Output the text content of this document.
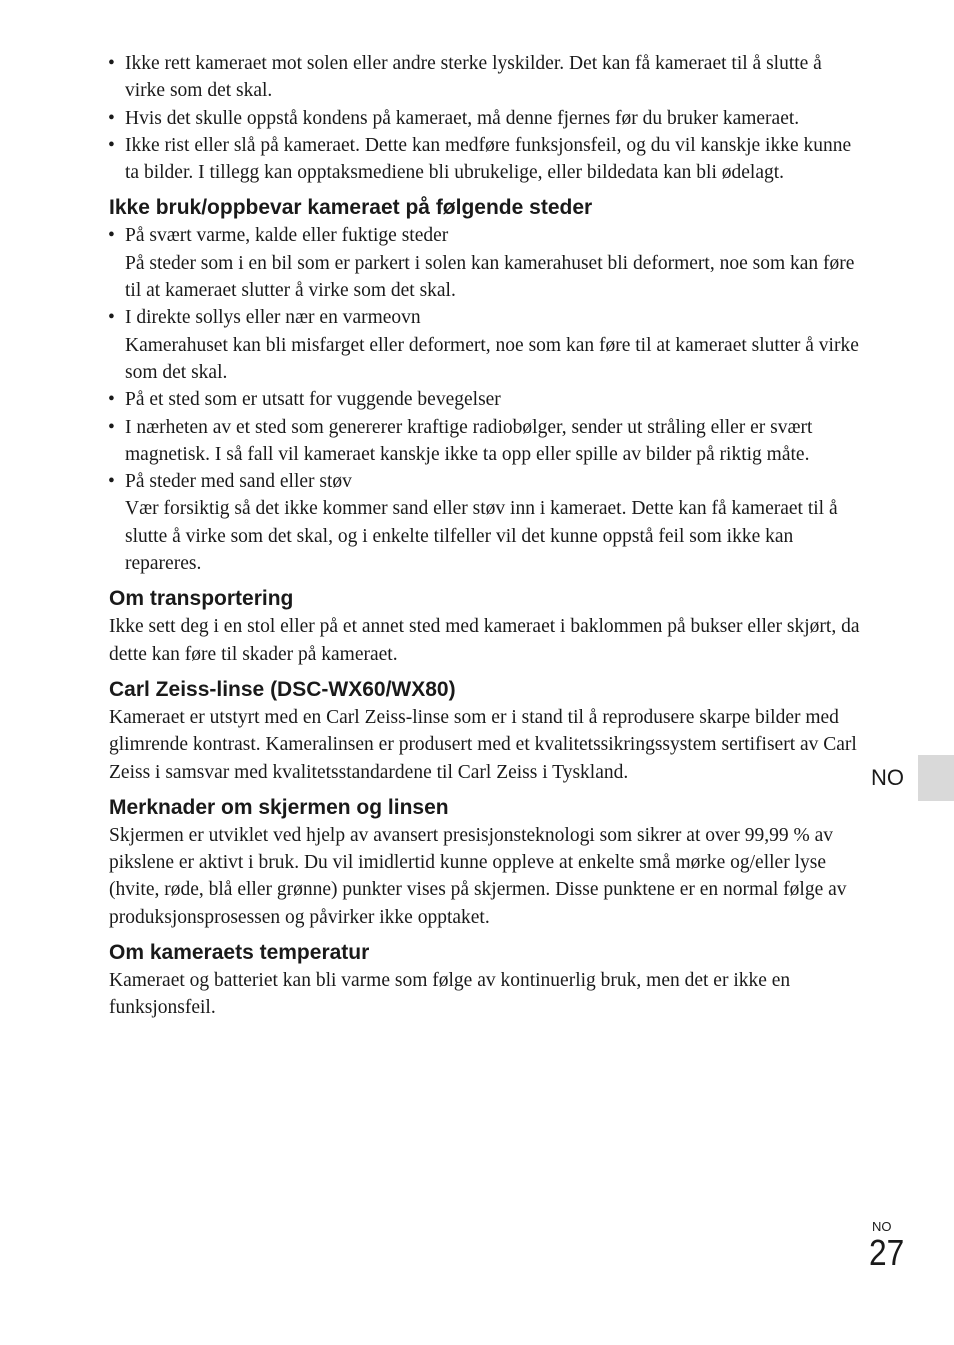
• Ikke rett kameraet mot solen eller andre sterke lyskilder. Det kan få kameraet til å slutte å virke som det skal.
• Hvis det skulle oppstå kondens på kameraet, må denne fjernes før du bruker kameraet.
• Ikke rist eller slå på kameraet. Dette kan medføre funksjonsfeil, og du vil kanskje ikke kunne ta bilder. I tillegg kan opptaksmediene bli ubrukelige, eller bildedata kan bli ødelagt.
Ikke bruk/oppbevar kameraet på følgende steder
• På svært varme, kalde eller fuktige steder
På steder som i en bil som er parkert i solen kan kamerahuset bli deformert, noe som kan føre til at kameraet slutter å virke som det skal.
• I direkte sollys eller nær en varmeovn
Kamerahuset kan bli misfarget eller deformert, noe som kan føre til at kameraet slutter å virke som det skal.
• På et sted som er utsatt for vuggende bevegelser
• I nærheten av et sted som genererer kraftige radiobølger, sender ut stråling eller er svært magnetisk. I så fall vil kameraet kanskje ikke ta opp eller spille av bilder på riktig måte.
• På steder med sand eller støv
Vær forsiktig så det ikke kommer sand eller støv inn i kameraet. Dette kan få kameraet til å slutte å virke som det skal, og i enkelte tilfeller vil det kunne oppstå feil som ikke kan repareres.
Om transportering

Ikke sett deg i en stol eller på et annet sted med kameraet i baklommen på bukser eller skjørt, da dette kan føre til skader på kameraet.

Carl Zeiss-linse (DSC-WX60/WX80)

Kameraet er utstyrt med en Carl Zeiss-linse som er i stand til å reprodusere skarpe bilder med glimrende kontrast. Kameralinsen er produsert med et kvalitetssikringssystem sertifisert av Carl Zeiss i samsvar med kvalitetsstandardene til Carl Zeiss i Tyskland.

Merknader om skjermen og linsen

Skjermen er utviklet ved hjelp av avansert presisjonsteknologi som sikrer at over 99,99 % av pikslene er aktivt i bruk. Du vil imidlertid kunne oppleve at enkelte små mørke og/eller lyse (hvite, røde, blå eller grønne) punkter vises på skjermen. Disse punktene er en normal følge av produksjonsprosessen og påvirker ikke opptaket.

Om kameraets temperatur

Kameraet og batteriet kan bli varme som følge av kontinuerlig bruk, men det er ikke en funksjonsfeil.

NO
NO
27
